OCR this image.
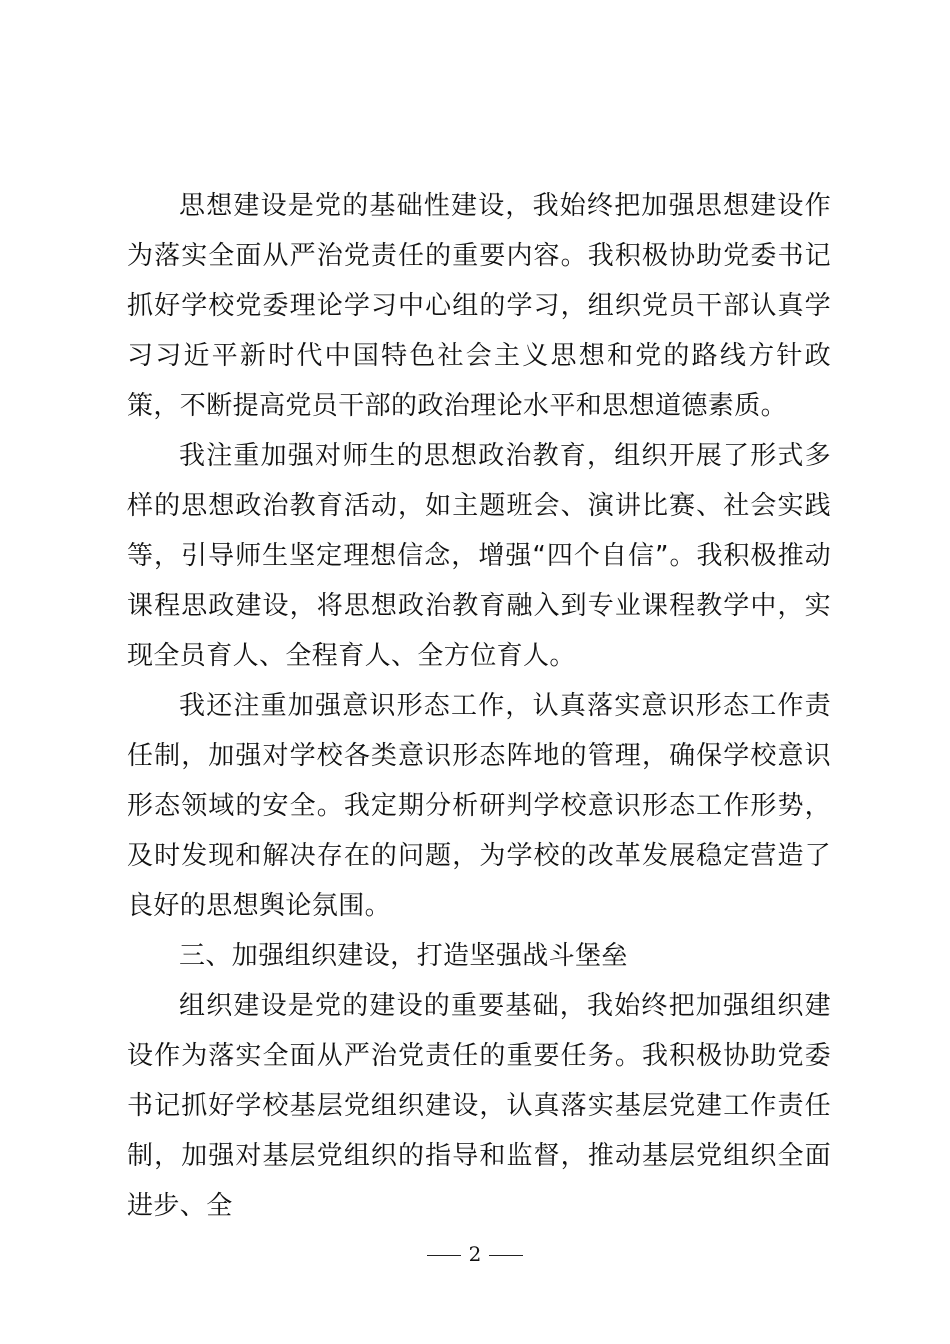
思想建设是党的基础性建设，我始终把加强思想建设作为落实全面从严治党责任的重要内容。我积极协助党委书记抓好学校党委理论学习中心组的学习，组织党员干部认真学习习近平新时代中国特色社会主义思想和党的路线方针政策，不断提高党员干部的政治理论水平和思想道德素质。

我注重加强对师生的思想政治教育，组织开展了形式多样的思想政治教育活动，如主题班会、演讲比赛、社会实践等，引导师生坚定理想信念，增强“四个自信”。我积极推动课程思政建设，将思想政治教育融入到专业课程教学中，实现全员育人、全程育人、全方位育人。

我还注重加强意识形态工作，认真落实意识形态工作责任制，加强对学校各类意识形态阵地的管理，确保学校意识形态领域的安全。我定期分析研判学校意识形态工作形势，及时发现和解决存在的问题，为学校的改革发展稳定营造了良好的思想舆论氛围。

三、加强组织建设，打造坚强战斗堡垒

组织建设是党的建设的重要基础，我始终把加强组织建设作为落实全面从严治党责任的重要任务。我积极协助党委书记抓好学校基层党组织建设，认真落实基层党建工作责任制，加强对基层党组织的指导和监督，推动基层党组织全面进步、全

2
